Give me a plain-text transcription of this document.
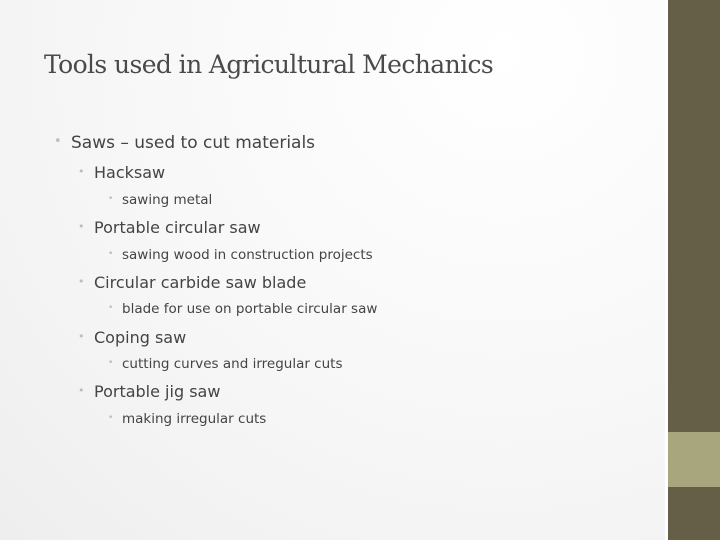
Tools used in Agricultural Mechanics
• Saws – used to cut materials
• Hacksaw
• sawing metal
• Portable circular saw
• sawing wood in construction projects
• Circular carbide saw blade
• blade for use on portable circular saw
• Coping saw
• cutting curves and irregular cuts
• Portable jig saw
• making irregular cuts
